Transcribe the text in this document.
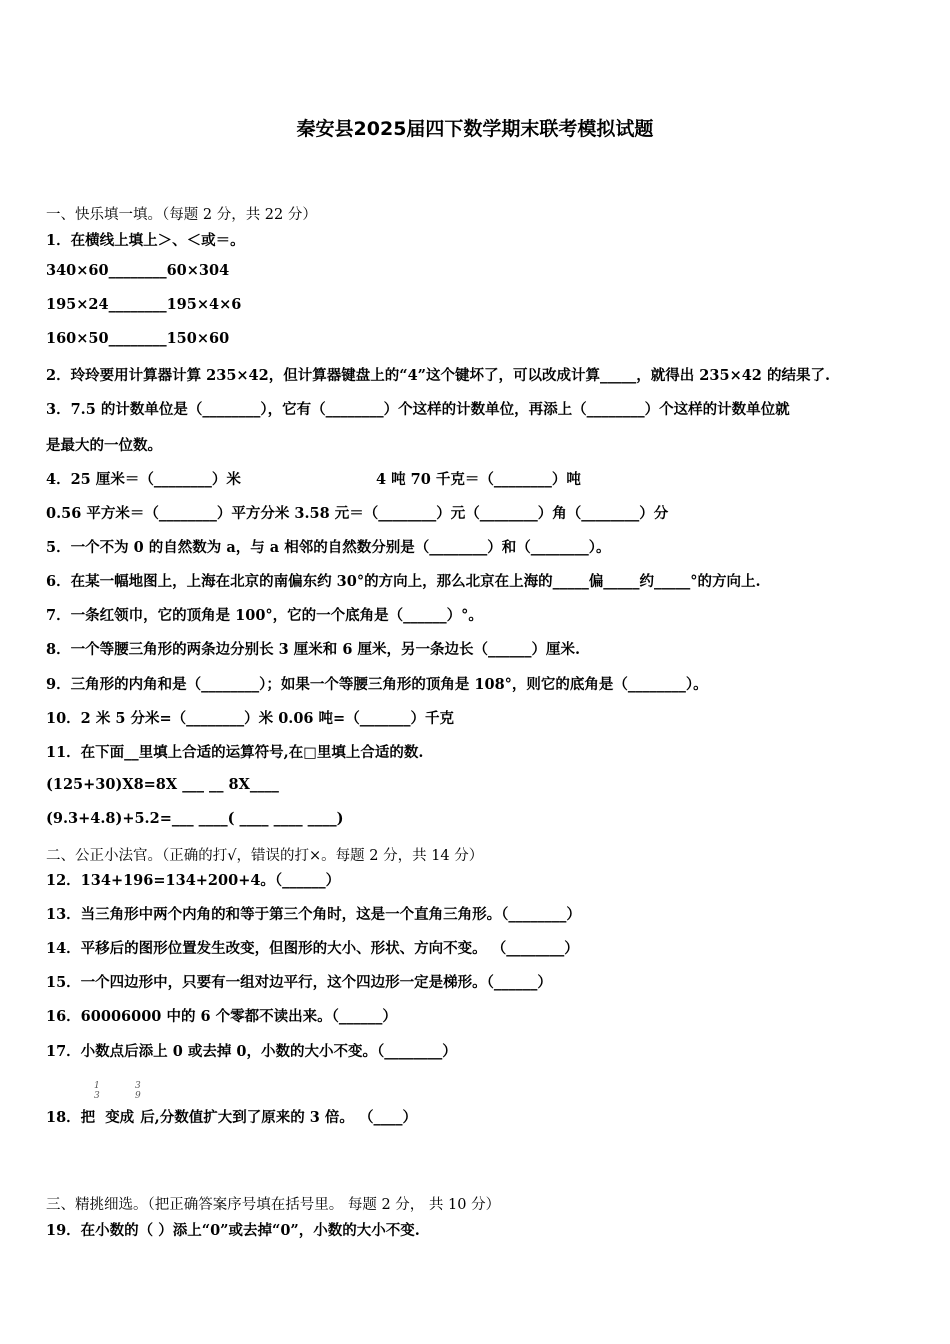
秦安县2025届四下数学期末联考模拟试题
一、快乐填一填。（每题 2 分，共 22 分）
1．在横线上填上＞、＜或＝。
340×60________60×304
195×24________195×4×6
160×50________150×60
2．玲玲要用计算器计算 235×42，但计算器键盘上的“4”这个键坏了，可以改成计算_____，就得出 235×42 的结果了.
3．7.5 的计数单位是（________），它有（________）个这样的计数单位，再添上（________）个这样的计数单位就
是最大的一位数。
4．25 厘米＝（________）米	4 吨 70 千克＝（________）吨
0.56 平方米＝（________）平方分米 3.58 元＝（________）元（________）角（________）分
5．一个不为 0 的自然数为 a，与 a 相邻的自然数分别是（________）和（________）。
6．在某一幅地图上，上海在北京的南偏东约 30°的方向上，那么北京在上海的_____偏_____约_____°的方向上.
7．一条红领巾，它的顶角是 100°，它的一个底角是（______）°。
8．一个等腰三角形的两条边分别长 3 厘米和 6 厘米，另一条边长（______）厘米.
9．三角形的内角和是（________）；如果一个等腰三角形的顶角是 108°，则它的底角是（________）。
10．2 米 5 分米=（________）米 0.06 吨=（_______）千克
11．在下面__里填上合适的运算符号,在□里填上合适的数.
(125+30)X8=8X ___ __ 8X____
(9.3+4.8)+5.2=___ ____( ____ ____ ____)
二、公正小法官。（正确的打√，错误的打×。每题 2 分，共 14 分）
12．134+196=134+200+4。（______）
13．当三角形中两个内角的和等于第三个角时，这是一个直角三角形。（________）
14．平移后的图形位置发生改变，但图形的大小、形状、方向不变。 （________）
15．一个四边形中，只要有一组对边平行，这个四边形一定是梯形。（______）
16．60006000 中的 6 个零都不读出来。（______）
17．小数点后添上 0 或去掉 0，小数的大小不变。（________）
1
3
3
9
18．把 变成 后,分数值扩大到了原来的 3 倍。 （____）
三、精挑细选。（把正确答案序号填在括号里。 每题 2 分， 共 10 分）
19．在小数的（ ）添上“0”或去掉“0”，小数的大小不变.
